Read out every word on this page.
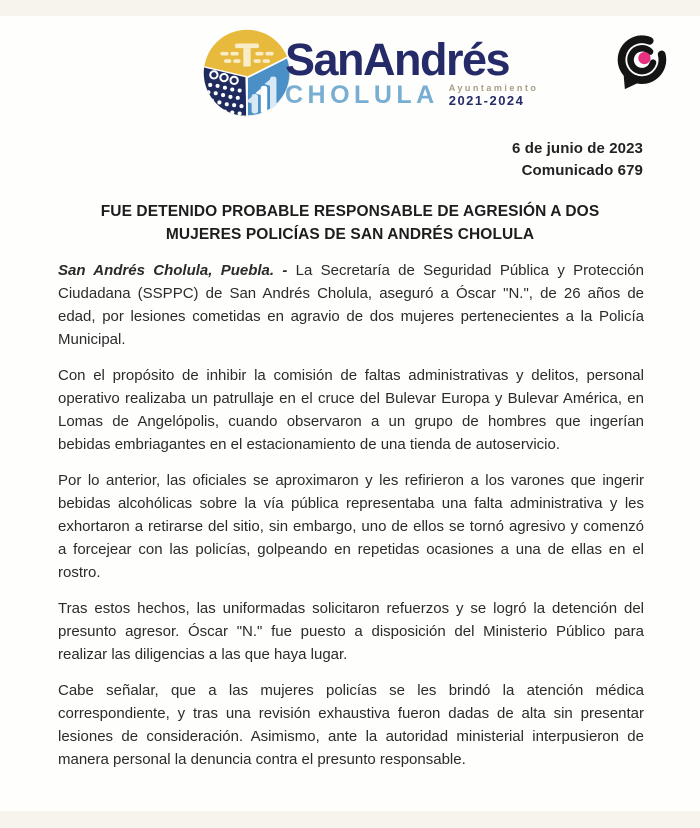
SanAndrés
CHOLULA Ayuntamiento
2021-2024
6 de junio de 2023
Comunicado 679
FUE DETENIDO PROBABLE RESPONSABLE DE AGRESIÓN A DOS MUJERES POLICÍAS DE SAN ANDRÉS CHOLULA

San Andrés Cholula, Puebla. - La Secretaría de Seguridad Pública y Protección Ciudadana (SSPPC) de San Andrés Cholula, aseguró a Óscar "N.", de 26 años de edad, por lesiones cometidas en agravio de dos mujeres pertenecientes a la Policía Municipal.

Con el propósito de inhibir la comisión de faltas administrativas y delitos, personal operativo realizaba un patrullaje en el cruce del Bulevar Europa y Bulevar América, en Lomas de Angelópolis, cuando observaron a un grupo de hombres que ingerían bebidas embriagantes en el estacionamiento de una tienda de autoservicio.

Por lo anterior, las oficiales se aproximaron y les refirieron a los varones que ingerir bebidas alcohólicas sobre la vía pública representaba una falta administrativa y les exhortaron a retirarse del sitio, sin embargo, uno de ellos se tornó agresivo y comenzó a forcejear con las policías, golpeando en repetidas ocasiones a una de ellas en el rostro.

Tras estos hechos, las uniformadas solicitaron refuerzos y se logró la detención del presunto agresor. Óscar "N." fue puesto a disposición del Ministerio Público para realizar las diligencias a las que haya lugar.

Cabe señalar, que a las mujeres policías se les brindó la atención médica correspondiente, y tras una revisión exhaustiva fueron dadas de alta sin presentar lesiones de consideración. Asimismo, ante la autoridad ministerial interpusieron de manera personal la denuncia contra el presunto responsable.
